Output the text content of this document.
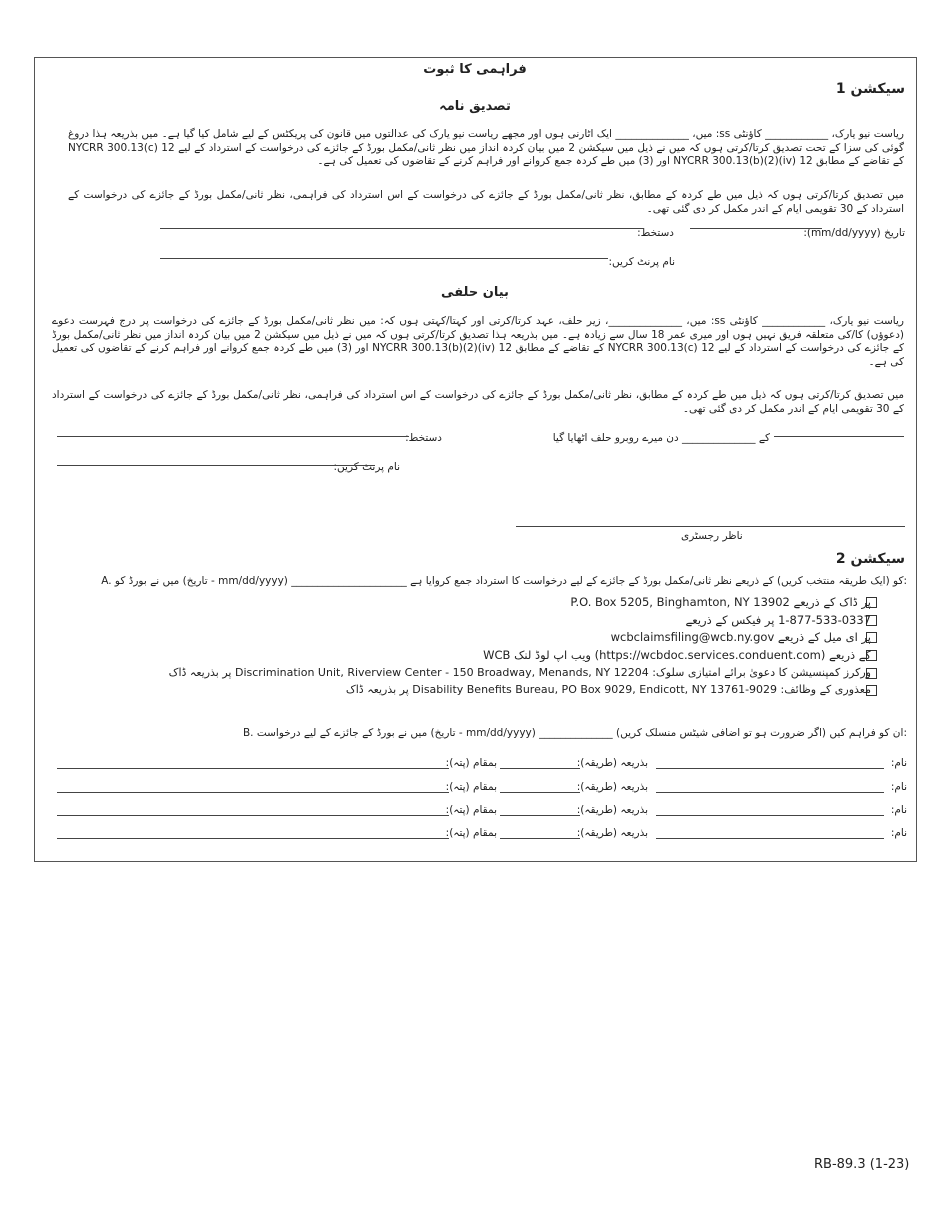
فراہمی کا ثبوت
سیکشن 1
تصدیق نامہ
ریاست نیو یارک، ____________ کاؤنٹی ss: میں، ______________ ایک اٹارنی ہوں اور مجھے ریاست نیو یارک کی عدالتوں میں قانون کی پریکٹس کے لیے شامل کیا گیا ہے۔ میں بذریعہ ہذا دروغ گوئی کی سزا کے تحت تصدیق کرتا/کرتی ہوں کہ میں نے ذیل میں سیکشن 2 میں بیان کردہ انداز میں نظر ثانی/مکمل بورڈ کے جائزے کی درخواست کے استرداد کے لیے 12 NYCRR 300.13(c) کے تقاضے کے مطابق 12 NYCRR 300.13(b)(2)(iv) اور (3) میں طے کردہ جمع کروانے اور فراہم کرنے کے تقاضوں کی تعمیل کی ہے۔
میں تصدیق کرتا/کرتی ہوں کہ ذیل میں طے کردہ کے مطابق، نظر ثانی/مکمل بورڈ کے جائزے کی درخواست کے اس استرداد کی فراہمی، نظر ثانی/مکمل بورڈ کے جائزے کی درخواست کے استرداد کے 30 تقویمی ایام کے اندر مکمل کر دی گئی تھی۔
تاریخ (mm/dd/yyyy):
دستخط:
نام پرنٹ کریں:
بیان حلفی
ریاست نیو یارک، ____________ کاؤنٹی ss: میں، ______________، زیر حلف، عہد کرتا/کرتی اور کہتا/کہتی ہوں کہ: میں نظر ثانی/مکمل بورڈ کے جائزے کی درخواست پر درج فہرست دعوے (دعوؤں) کا/کی متعلقہ فریق نہیں ہوں اور میری عمر 18 سال سے زیادہ ہے۔ میں بذریعہ ہذا تصدیق کرتا/کرتی ہوں کہ میں نے ذیل میں سیکشن 2 میں بیان کردہ انداز میں نظر ثانی/مکمل بورڈ کے جائزے کی درخواست کے استرداد کے لیے 12 NYCRR 300.13(c) کے تقاضے کے مطابق 12 NYCRR 300.13(b)(2)(iv) اور (3) میں طے کردہ جمع کروانے اور فراہم کرنے کے تقاضوں کی تعمیل کی ہے۔
میں تصدیق کرتا/کرتی ہوں کہ ذیل میں طے کردہ کے مطابق، نظر ثانی/مکمل بورڈ کے جائزے کی درخواست کے اس استرداد کی فراہمی، نظر ثانی/مکمل بورڈ کے جائزے کی درخواست کے استرداد کے 30 تقویمی ایام کے اندر مکمل کر دی گئی تھی۔
کے ______________ دن میرے روبرو حلف اٹھایا گیا
دستخط:
نام پرنٹ کریں:
ناظر رجسٹری
سیکشن 2
A. میں نے بورڈ کو (تاریخ - mm/dd/yyyy) ______________________ کو (ایک طریقہ منتخب کریں) کے ذریعے نظر ثانی/مکمل بورڈ کے جائزے کے لیے درخواست کا استرداد جمع کروایا ہے:
P.O. Box 5205, Binghamton, NY 13902 پر ڈاک کے ذریعے
1-877-533-0337 پر فیکس کے ذریعے
wcbclaimsfiling@wcb.ny.gov پر ای میل کے ذریعے
WCB ویب اپ لوڈ لنک (https://wcbdoc.services.conduent.com) کے ذریعے
ورکرز کمپنسیشن کا دعویٰ برائے امتیازی سلوک: Discrimination Unit, Riverview Center - 150 Broadway, Menands, NY 12204 پر بذریعہ ڈاک
معذوری کے وظائف: Disability Benefits Bureau, PO Box 9029, Endicott, NY 13761-9029 پر بذریعہ ڈاک
B. میں نے بورڈ کے جائزے کے لیے درخواست (تاریخ - mm/dd/yyyy) ______________ ان کو فراہم کیں (اگر ضرورت ہو تو اضافی شیٹس منسلک کریں):
نام:
بذریعہ (طریقہ):
بمقام (پتہ):
نام:
بذریعہ (طریقہ):
بمقام (پتہ):
نام:
بذریعہ (طریقہ):
بمقام (پتہ):
نام:
بذریعہ (طریقہ):
بمقام (پتہ):
RB-89.3 (1-23)
